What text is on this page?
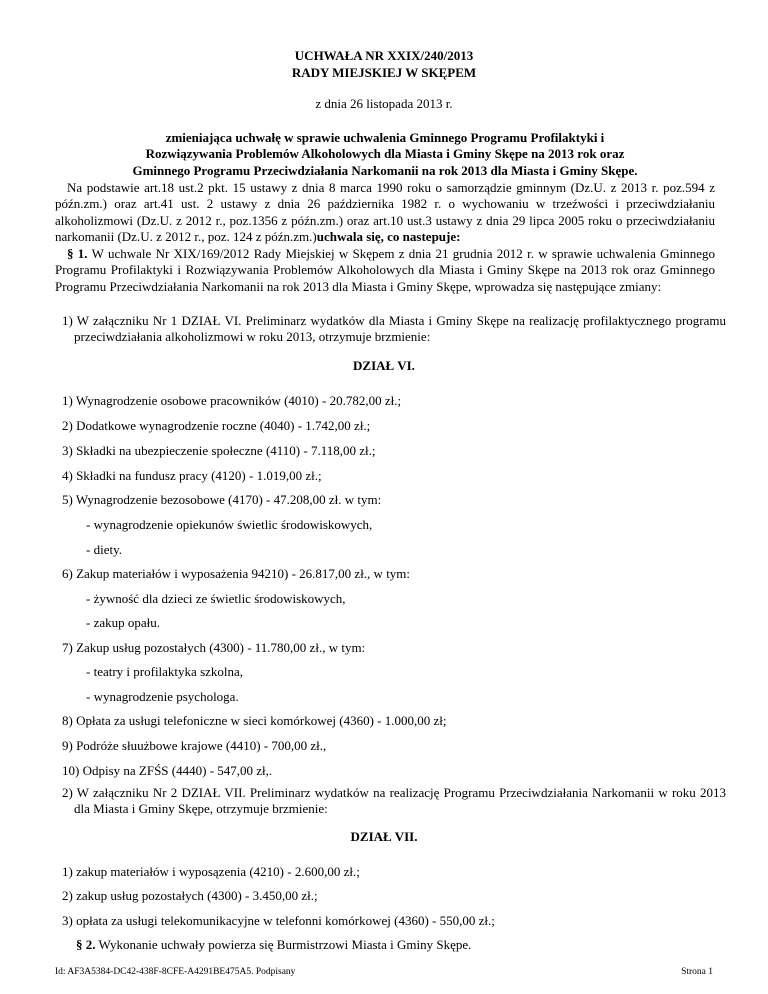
UCHWAŁA NR XXIX/240/2013
RADY MIEJSKIEJ W SKĘPEM
z dnia 26 listopada 2013 r.
zmieniająca uchwałę w sprawie uchwalenia Gminnego Programu Profilaktyki i Rozwiązywania Problemów Alkoholowych dla Miasta i Gminy Skępe na 2013 rok oraz Gminnego Programu Przeciwdziałania Narkomanii na rok 2013 dla Miasta i Gminy Skępe.
Na podstawie art.18 ust.2 pkt. 15 ustawy z dnia 8 marca 1990 roku o samorządzie gminnym (Dz.U. z 2013 r. poz.594 z późn.zm.) oraz art.41 ust. 2 ustawy z dnia 26 października 1982 r. o wychowaniu w trzeźwości i przeciwdziałaniu alkoholizmowi (Dz.U. z 2012 r., poz.1356 z późn.zm.) oraz art.10 ust.3 ustawy z dnia 29 lipca 2005 roku o przeciwdziałaniu narkomanii (Dz.U. z 2012 r., poz. 124 z późn.zm.)uchwala się, co nastepuje:
§ 1. W uchwale Nr XIX/169/2012 Rady Miejskiej w Skępem z dnia 21 grudnia 2012 r. w sprawie uchwalenia Gminnego Programu Profilaktyki i Rozwiązywania Problemów Alkoholowych dla Miasta i Gminy Skępe na 2013 rok oraz Gminnego Programu Przeciwdziałania Narkomanii na rok 2013 dla Miasta i Gminy Skępe, wprowadza się następujące zmiany:
1) W załączniku Nr 1 DZIAŁ VI. Preliminarz wydatków dla Miasta i Gminy Skępe na realizację profilaktycznego programu przeciwdziałania alkoholizmowi w roku 2013, otrzymuje brzmienie:
DZIAŁ VI.
1) Wynagrodzenie osobowe pracowników (4010) - 20.782,00 zł.;
2) Dodatkowe wynagrodzenie roczne (4040) - 1.742,00 zł.;
3) Składki na ubezpieczenie społeczne (4110) - 7.118,00 zł.;
4) Składki na fundusz pracy (4120) - 1.019,00 zł.;
5) Wynagrodzenie bezosobowe (4170) - 47.208,00 zł. w tym:
- wynagrodzenie opiekunów świetlic środowiskowych,
- diety.
6) Zakup materiałów i wyposażenia 94210) - 26.817,00 zł., w tym:
- żywność dla dzieci ze świetlic środowiskowych,
- zakup opału.
7) Zakup usług pozostałych (4300) - 11.780,00 zł., w tym:
- teatry i profilaktyka szkolna,
- wynagrodzenie psychologa.
8) Opłata za usługi telefoniczne w sieci komórkowej (4360) - 1.000,00 zł;
9) Podróże słuużbowe krajowe (4410) - 700,00 zł.,
10) Odpisy na ZFŚS (4440) - 547,00 zł,.
2) W załączniku Nr 2 DZIAŁ VII. Preliminarz wydatków na realizację Programu Przeciwdziałania Narkomanii w roku 2013 dla Miasta i Gminy Skępe, otrzymuje brzmienie:
DZIAŁ VII.
1) zakup materiałów i wyposązenia (4210) - 2.600,00 zł.;
2) zakup usług pozostałych (4300) - 3.450,00 zł.;
3) opłata za usługi telekomunikacyjne w telefonni komórkowej (4360) - 550,00 zł.;
§ 2. Wykonanie uchwały powierza się Burmistrzowi Miasta i Gminy Skępe.
Id: AF3A5384-DC42-438F-8CFE-A4291BE475A5. Podpisany	Strona 1
